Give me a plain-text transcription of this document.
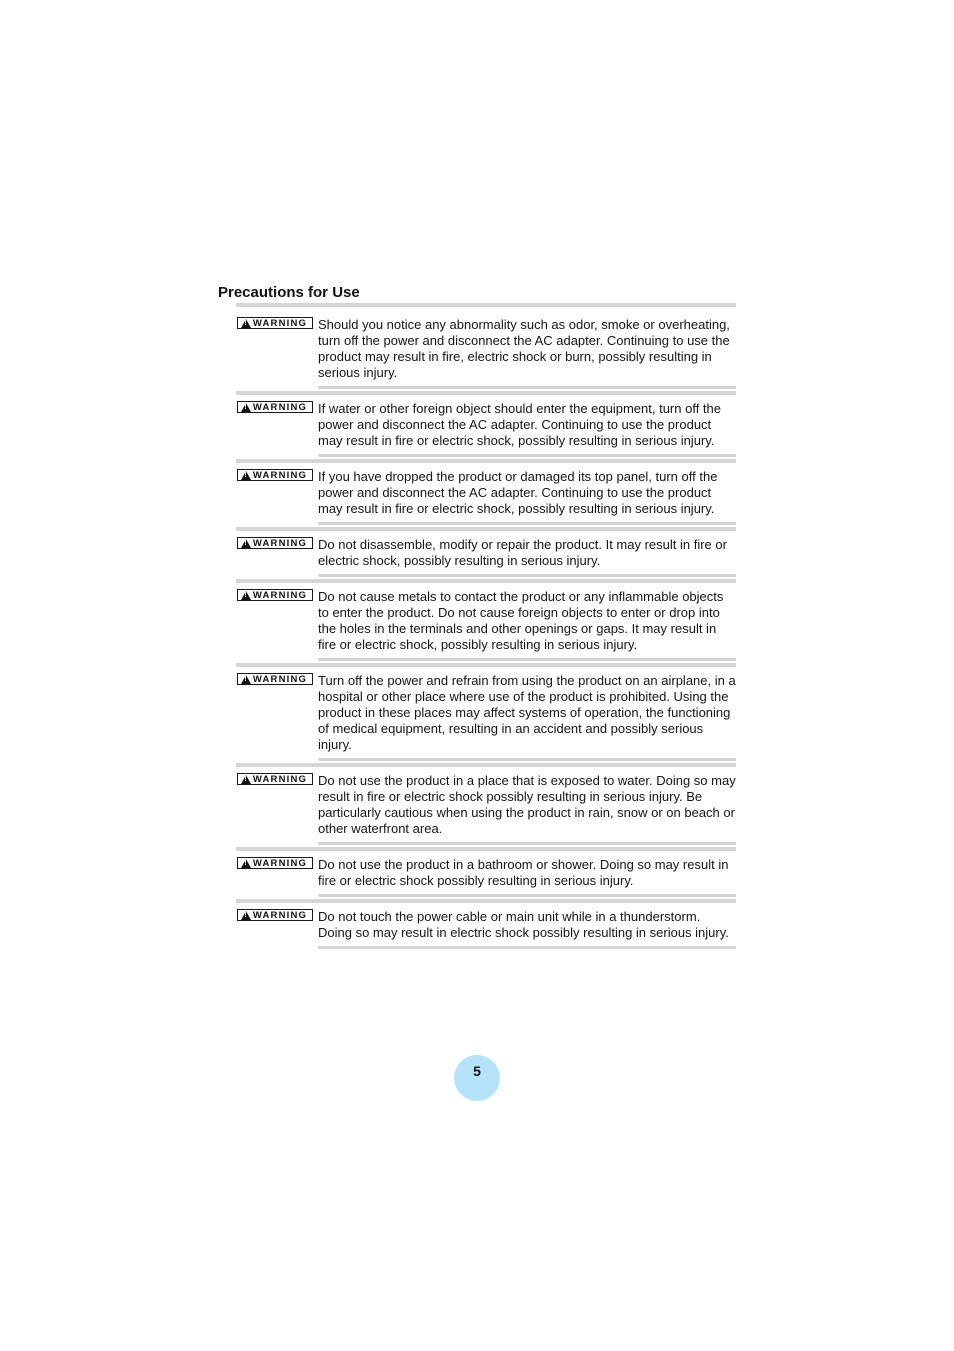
Precautions for Use
!
WARNING Should you notice any abnormality such as odor, smoke or overheating, turn off the power and disconnect the AC adapter. Continuing to use the product may result in fire, electric shock or burn, possibly resulting in serious injury.

!
WARNING If water or other foreign object should enter the equipment, turn off the power and disconnect the AC adapter. Continuing to use the product may result in fire or electric shock, possibly resulting in serious injury.

!
WARNING If you have dropped the product or damaged its top panel, turn off the power and disconnect the AC adapter. Continuing to use the product may result in fire or electric shock, possibly resulting in serious injury.

!
WARNING Do not disassemble, modify or repair the product. It may result in fire or electric shock, possibly resulting in serious injury.

!
WARNING Do not cause metals to contact the product or any inflammable objects to enter the product. Do not cause foreign objects to enter or drop into the holes in the terminals and other openings or gaps. It may result in fire or electric shock, possibly resulting in serious injury.

!
WARNING Turn off the power and refrain from using the product on an airplane, in a hospital or other place where use of the product is prohibited. Using the product in these places may affect systems of operation, the functioning of medical equipment, resulting in an accident and possibly serious injury.

!
WARNING Do not use the product in a place that is exposed to water. Doing so may result in fire or electric shock possibly resulting in serious injury. Be particularly cautious when using the product in rain, snow or on beach or other waterfront area.

!
WARNING Do not use the product in a bathroom or shower. Doing so may result in fire or electric shock possibly resulting in serious injury.

!
WARNING Do not touch the power cable or main unit while in a thunderstorm. Doing so may result in electric shock possibly resulting in serious injury.

5
